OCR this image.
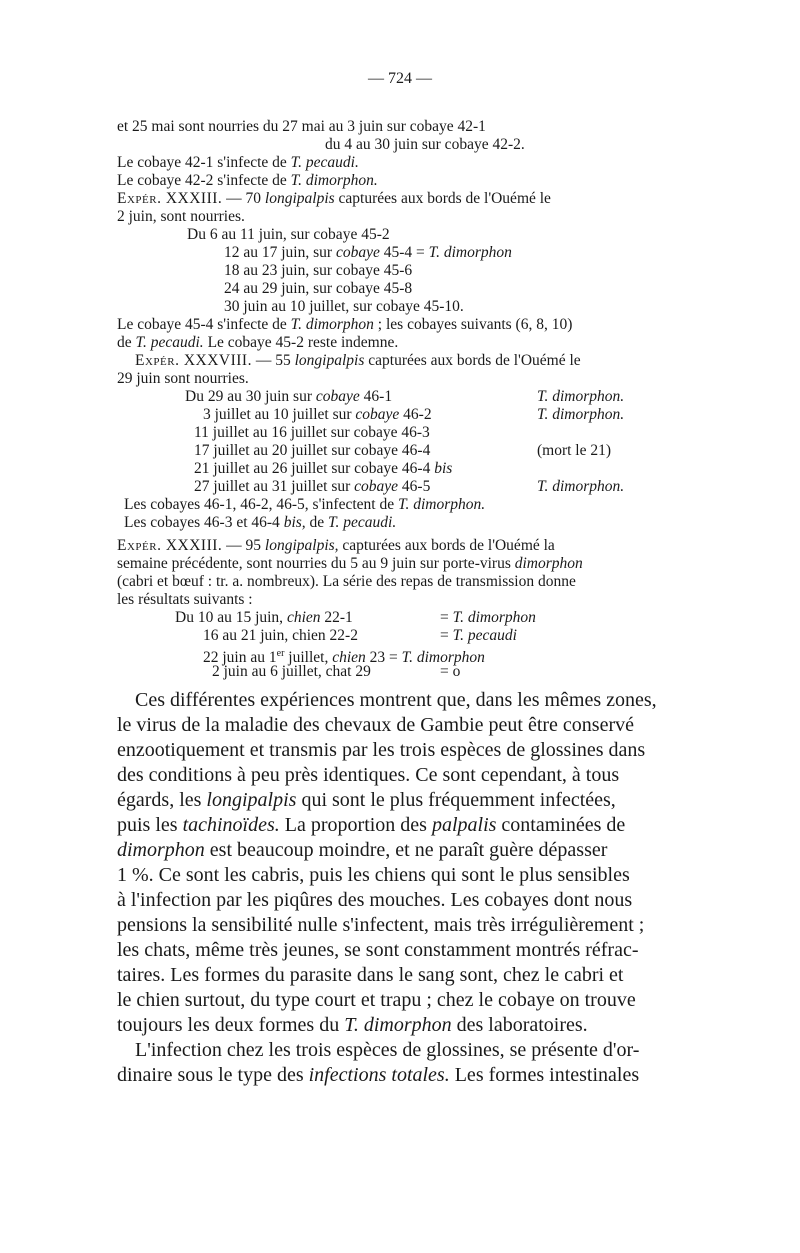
— 724 —
et 25 mai sont nourries du 27 mai au 3 juin sur cobaye 42-1
du 4 au 30 juin sur cobaye 42-2.
Le cobaye 42-1 s'infecte de T. pecaudi.
Le cobaye 42-2 s'infecte de T. dimorphon.
Expér. XXXIII. — 70 longipalpis capturées aux bords de l'Ouémé le
2 juin, sont nourries.
Du 6 au 11 juin, sur cobaye 45-2
12 au 17 juin, sur cobaye 45-4 = T. dimorphon
18 au 23 juin, sur cobaye 45-6
24 au 29 juin, sur cobaye 45-8
30 juin au 10 juillet, sur cobaye 45-10.
Le cobaye 45-4 s'infecte de T. dimorphon ; les cobayes suivants (6, 8, 10)
de T. pecaudi. Le cobaye 45-2 reste indemne.
Expér. XXXVIII. — 55 longipalpis capturées aux bords de l'Ouémé le
29 juin sont nourries.
Du 29 au 30 juin sur cobaye 46-1	T. dimorphon.
3 juillet au 10 juillet sur cobaye 46-2	T. dimorphon.
11 juillet au 16 juillet sur cobaye 46-3
17 juillet au 20 juillet sur cobaye 46-4	(mort le 21)
21 juillet au 26 juillet sur cobaye 46-4 bis
27 juillet au 31 juillet sur cobaye 46-5	T. dimorphon.
Les cobayes 46-1, 46-2, 46-5, s'infectent de T. dimorphon.
Les cobayes 46-3 et 46-4 bis, de T. pecaudi.
Expér. XXXIII. — 95 longipalpis, capturées aux bords de l'Ouémé la
semaine précédente, sont nourries du 5 au 9 juin sur porte-virus dimorphon
(cabri et bœuf : tr. a. nombreux). La série des repas de transmission donne
les résultats suivants :
Du 10 au 15 juin, chien 22-1	= T. dimorphon
16 au 21 juin, chien 22-2	= T. pecaudi
22 juin au 1er juillet, chien 23 = T. dimorphon
2 juin au 6 juillet, chat 29	= o
Ces différentes expériences montrent que, dans les mêmes zones,
le virus de la maladie des chevaux de Gambie peut être conservé
enzootiquement et transmis par les trois espèces de glossines dans
des conditions à peu près identiques. Ce sont cependant, à tous
égards, les longipalpis qui sont le plus fréquemment infectées,
puis les tachinoïdes. La proportion des palpalis contaminées de
dimorphon est beaucoup moindre, et ne paraît guère dépasser
1 %. Ce sont les cabris, puis les chiens qui sont le plus sensibles
à l'infection par les piqûres des mouches. Les cobayes dont nous
pensions la sensibilité nulle s'infectent, mais très irrégulièrement ;
les chats, même très jeunes, se sont constamment montrés réfrac-
taires. Les formes du parasite dans le sang sont, chez le cabri et
le chien surtout, du type court et trapu ; chez le cobaye on trouve
toujours les deux formes du T. dimorphon des laboratoires.
L'infection chez les trois espèces de glossines, se présente d'or-
dinaire sous le type des infections totales. Les formes intestinales
